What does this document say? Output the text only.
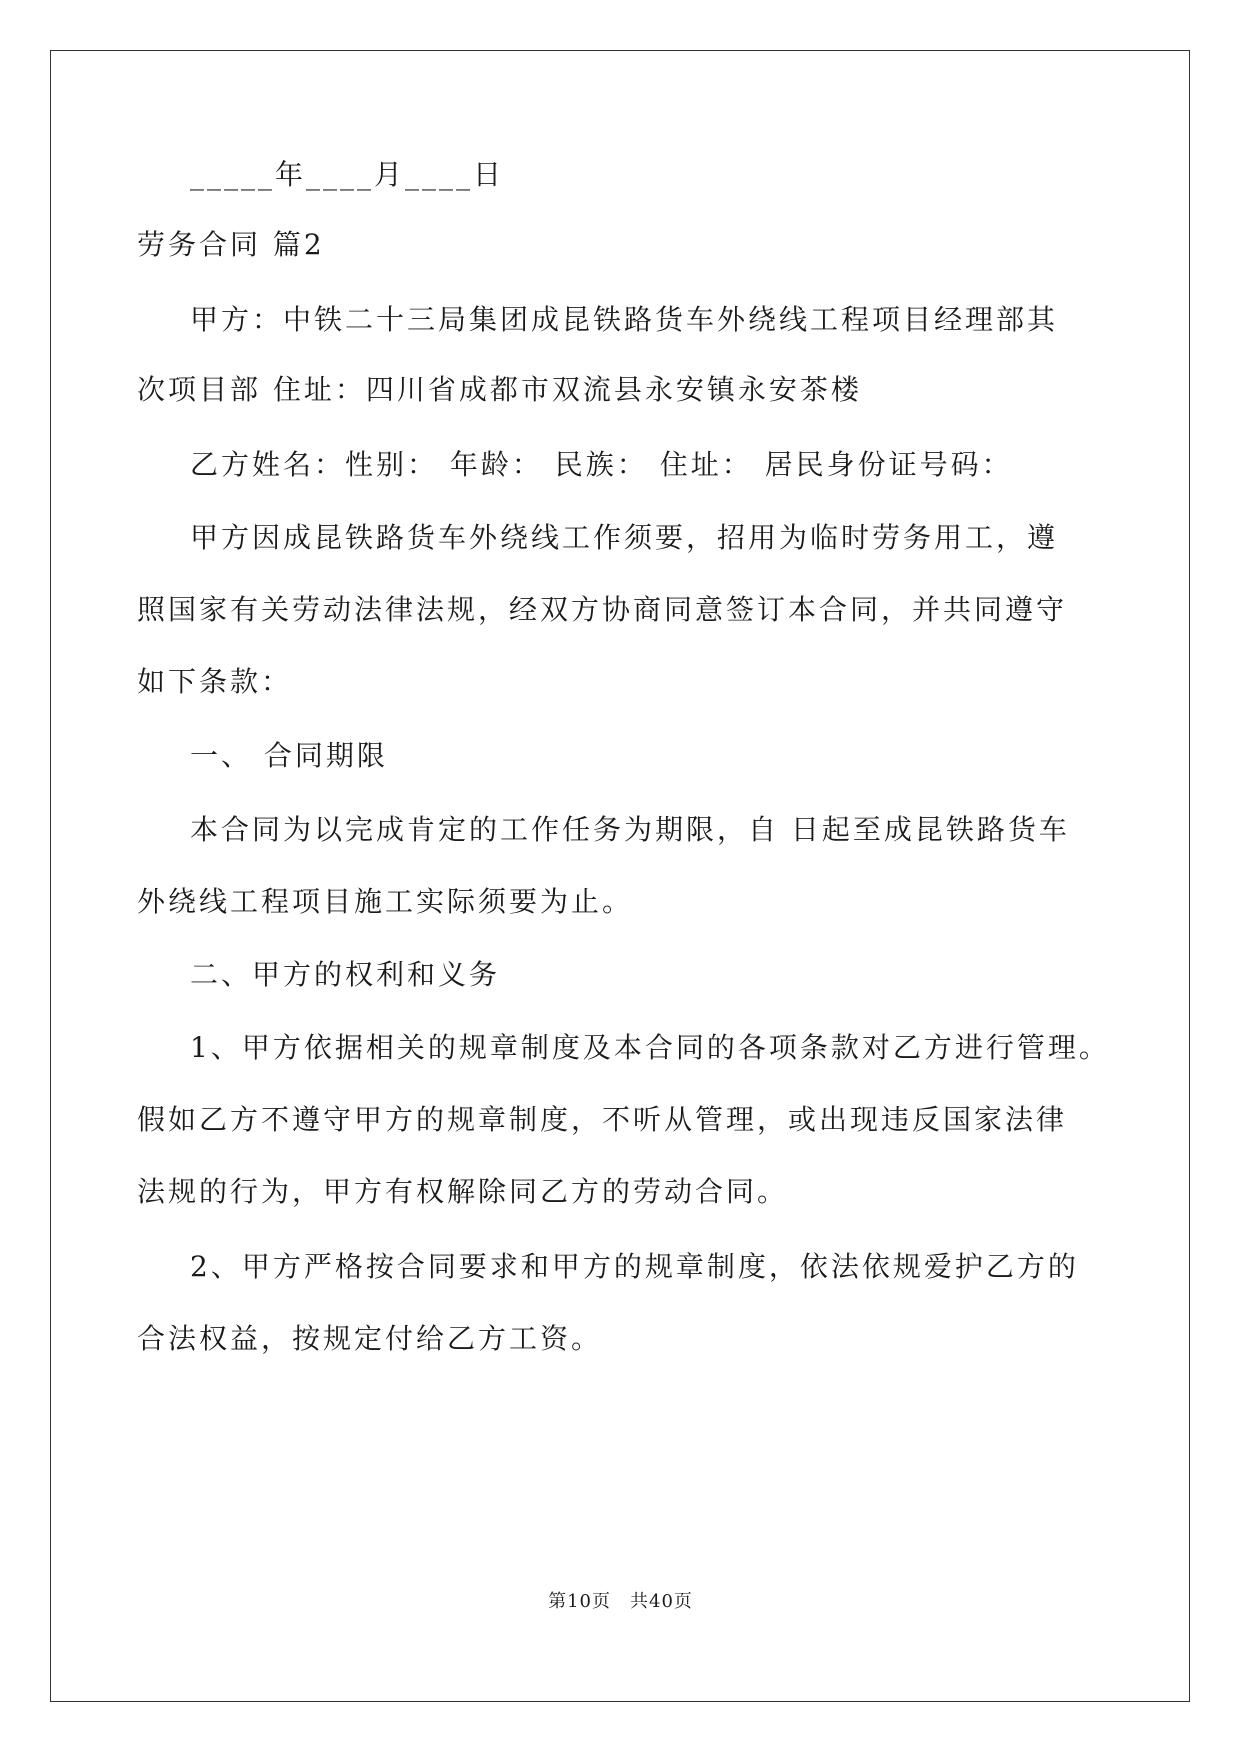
_____年____月____日
劳务合同 篇2
甲方：中铁二十三局集团成昆铁路货车外绕线工程项目经理部其
次项目部 住址：四川省成都市双流县永安镇永安茶楼
乙方姓名：性别： 年龄： 民族： 住址： 居民身份证号码：
甲方因成昆铁路货车外绕线工作须要，招用为临时劳务用工，遵
照国家有关劳动法律法规，经双方协商同意签订本合同，并共同遵守
如下条款：
一、 合同期限
本合同为以完成肯定的工作任务为期限，自 日起至成昆铁路货车
外绕线工程项目施工实际须要为止。
二、甲方的权利和义务
1、甲方依据相关的规章制度及本合同的各项条款对乙方进行管理。
假如乙方不遵守甲方的规章制度，不听从管理，或出现违反国家法律
法规的行为，甲方有权解除同乙方的劳动合同。
2、甲方严格按合同要求和甲方的规章制度，依法依规爱护乙方的
合法权益，按规定付给乙方工资。
第10页　共40页
